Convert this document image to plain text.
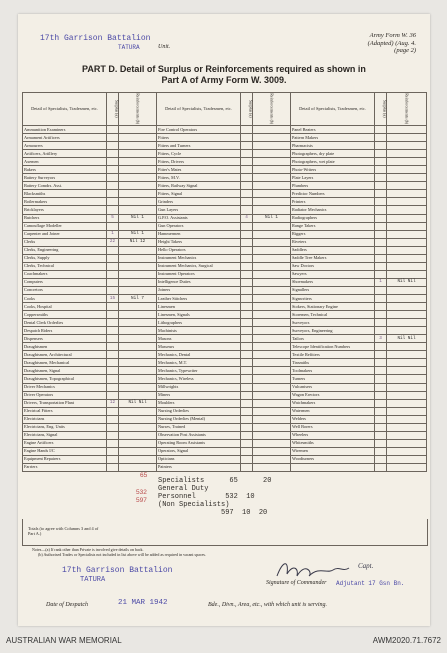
17th Garrison Battalion
TATURA	Unit.
Army Form W. 36
(Adapted) (Aug. 4.
(page 2)
PART D. Detail of Surplus or Reinforcements required as shown in
Part A of Army Form W. 3009.
Detail of Specialists, Tradesmen, etc.	Surplus (a)	Reinforcements (b)	Detail of Specialists, Tradesmen, etc.	Surplus (a)	Reinforcements (b)	Detail of Specialists, Tradesmen, etc.	Surplus (a)	Reinforcements (b)
Ammunition Examiners			Fire Control Operators			Panel Beaters		
Armament Artificers			Fitters			Pattern Makers		
Armourers			Fitters and Turners			Pharmacists		
Artificers, Artillery			Fitters, Cycle			Photographers, dry plate		
Axemen			Fitters, Drivers			Photographers, wet plate		
Bakers			Fitter's Mates			Photo-Writers		
Battery Surveyors			Fitters, M.V.			Plate Layers		
Battery Comdrs. Asst.			Fitters, Railway Signal			Plumbers		
Blacksmiths			Fitters, Signal			Predictor Numbers		
Boilermakers			Grinders			Printers		
Bricklayers			Gun Layers			Radiator Mechanics		
Butchers	5	Nil 1	G.P.O. Assistants	4	Nil 1	Radiographers		
Camouflage Modeller			Gun Operators			Range Takers		
Carpenter and Joiner	1	Nil 1	Hammermen			Riggers		
Clerks	22	Nil 12	Height Takers			Riveters		
Clerks, Engineering			Hello Operators			Saddlers		
Clerks, Supply			Instrument Mechanics			Saddle Tree Makers		
Clerks, Technical			Instrument Mechanics, Surgical			Saw Doctors		
Coachmakers			Instrument Operators			Sawyers		
Computers			Intelligence Duties			Shoemakers	1	Nil Nil
Concretors			Joiners			Signallers		
Cooks	15	Nil 7	Leather Stitchers			Signwriters		
Cooks, Hospital			Linesmen			Stokers, Stationary Engine		
Coppersmiths			Linesmen, Signals			Storemen, Technical		
Dental Clerk Orderlies			Lithographers			Surveyors		
Despatch Riders			Machinists			Surveyors, Engineering		
Dispensers			Masons			Tailors	3	Nil Nil
Draughtsmen			Masseurs			Telescope Identification Numbers		
Draughtsmen, Architectural			Mechanics, Dental			Textile Refitters		
Draughtsmen, Mechanical			Mechanics, M.T.			Tinsmiths		
Draughtsmen, Signal			Mechanics, Typewriter			Toolmakers		
Draughtsmen, Topographical			Mechanics, Wireless			Turners		
Driver Mechanics			Millwrights			Vulcanisers		
Driver Operators			Miners			Wagon Erectors		
Drivers, Transportation Plant	12	Nil Nil	Moulders			Watchmakers		
Electrical Fitters			Nursing Orderlies			Watermen		
Electricians			Nursing Orderlies (Mental)			Welders		
Electricians, Eng. Units			Nurses, Trained			Well Borers		
Electricians, Signal			Observation Post Assistants			Wheelers		
Engine Artificers			Operating Room Assistants			Whitesmiths		
Engine Hands I/C			Operators, Signal			Wiremen		
Equipment Repairers			Opticians			Woodturners		
Farriers			Painters					
65
532
597
Specialists      65      20
General Duty
Personnel       532  10
(Non Specialists)
597  10  20
Totals (to agree with Columns 3 and 4 of Part A.)
Notes—(a) If rank other than Private is involved give details on back.
(b) Authorised Trades or Specialists not included in list above will be added as required in vacant spaces.
17th Garrison Battalion
TATURA
Capt.
Signature of Commander Adjutant 17 Gsn Bn.
Date of Despatch	21 MAR 1942	Bde., Divn., Area, etc., with which unit is serving.
AUSTRALIAN WAR MEMORIAL	AWM2020.71.7672
